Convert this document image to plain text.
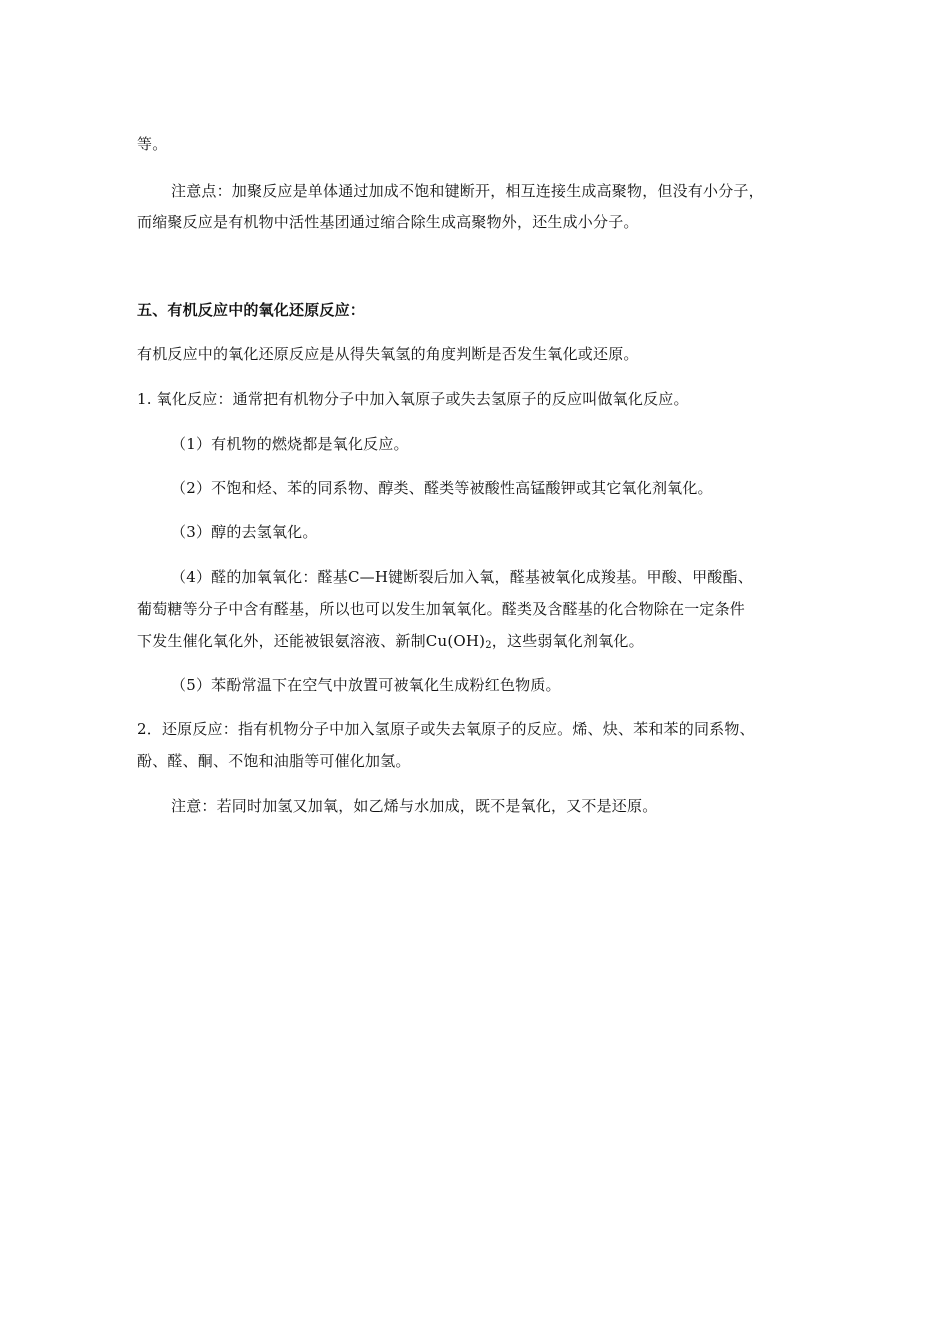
等。
注意点：加聚反应是单体通过加成不饱和键断开，相互连接生成高聚物，但没有小分子，
而缩聚反应是有机物中活性基团通过缩合除生成高聚物外，还生成小分子。
五、有机反应中的氧化还原反应：
有机反应中的氧化还原反应是从得失氧氢的角度判断是否发生氧化或还原。
1. 氧化反应：通常把有机物分子中加入氧原子或失去氢原子的反应叫做氧化反应。
（1）有机物的燃烧都是氧化反应。
（2）不饱和烃、苯的同系物、醇类、醛类等被酸性高锰酸钾或其它氧化剂氧化。
（3）醇的去氢氧化。
（4）醛的加氧氧化：醛基C—H键断裂后加入氧，醛基被氧化成羧基。甲酸、甲酸酯、
葡萄糖等分子中含有醛基，所以也可以发生加氧氧化。醛类及含醛基的化合物除在一定条件
下发生催化氧化外，还能被银氨溶液、新制$Cu(OH)_2$，这些弱氧化剂氧化。
（5）苯酚常温下在空气中放置可被氧化生成粉红色物质。
2．还原反应：指有机物分子中加入氢原子或失去氧原子的反应。烯、炔、苯和苯的同系物、
酚、醛、酮、不饱和油脂等可催化加氢。
注意：若同时加氢又加氧，如乙烯与水加成，既不是氧化，又不是还原。
